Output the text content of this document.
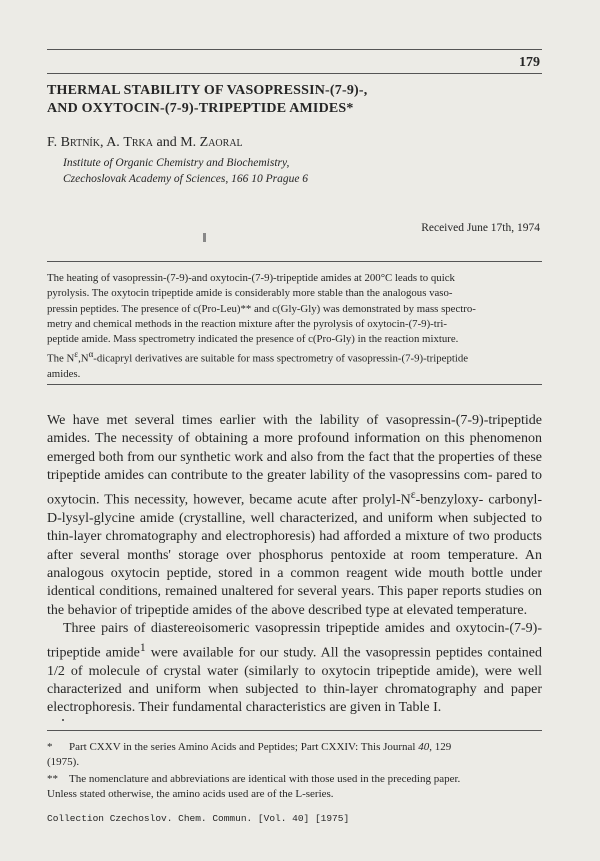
179
THERMAL STABILITY OF VASOPRESSIN-(7-9)-,
AND OXYTOCIN-(7-9)-TRIPEPTIDE AMIDES*
F. Brtník, A. Trka and M. Zaoral
Institute of Organic Chemistry and Biochemistry,
Czechoslovak Academy of Sciences, 166 10 Prague 6
Received June 17th, 1974
The heating of vasopressin-(7-9)-and oxytocin-(7-9)-tripeptide amides at 200°C leads to quick
pyrolysis. The oxytocin tripeptide amide is considerably more stable than the analogous vaso-
pressin peptides. The presence of c(Pro-Leu)** and c(Gly-Gly) was demonstrated by mass spectro-
metry and chemical methods in the reaction mixture after the pyrolysis of oxytocin-(7-9)-tri-
peptide amide. Mass spectrometry indicated the presence of c(Pro-Gly) in the reaction mixture.
The $N^\varepsilon,N^\alpha$-dicapryl derivatives are suitable for mass spectrometry of vasopressin-(7-9)-tripeptide
amides.

We have met several times earlier with the lability of vasopressin-(7-9)-tripeptide amides. The necessity of obtaining a more profound information on this phenomenon emerged both from our synthetic work and also from the fact that the properties of these tripeptide amides can contribute to the greater lability of the vasopressins com- pared to oxytocin. This necessity, however, became acute after prolyl-$N^\varepsilon-benzyloxy-$ carbonyl-D-lysyl-glycine amide (crystalline, well characterized, and uniform when subjected to thin-layer chromatography and electrophoresis) had afforded a mixture of two products after several months' storage over phosphorus pentoxide at room temperature. An analogous oxytocin peptide, stored in a common reagent wide mouth bottle under identical conditions, remained unaltered for several years. This paper reports studies on the behavior of tripeptide amides of the above described type at elevated temperature.

Three pairs of diastereoisomeric vasopressin tripeptide amides and oxytocin-(7-9)- tripeptide amide$^1$ were available for our study. All the vasopressin peptides contained 1/2 of molecule of crystal water (similarly to oxytocin tripeptide amide), were well characterized and uniform when subjected to thin-layer chromatography and paper electrophoresis. Their fundamental characteristics are given in Table I.

*	Part CXXV in the series Amino Acids and Peptides; Part CXXIV: This Journal 40, 129
(1975).
**	The nomenclature and abbreviations are identical with those used in the preceding paper.
Unless stated otherwise, the amino acids used are of the L-series.
Collection Czechoslov. Chem. Commun. [Vol. 40] [1975]
